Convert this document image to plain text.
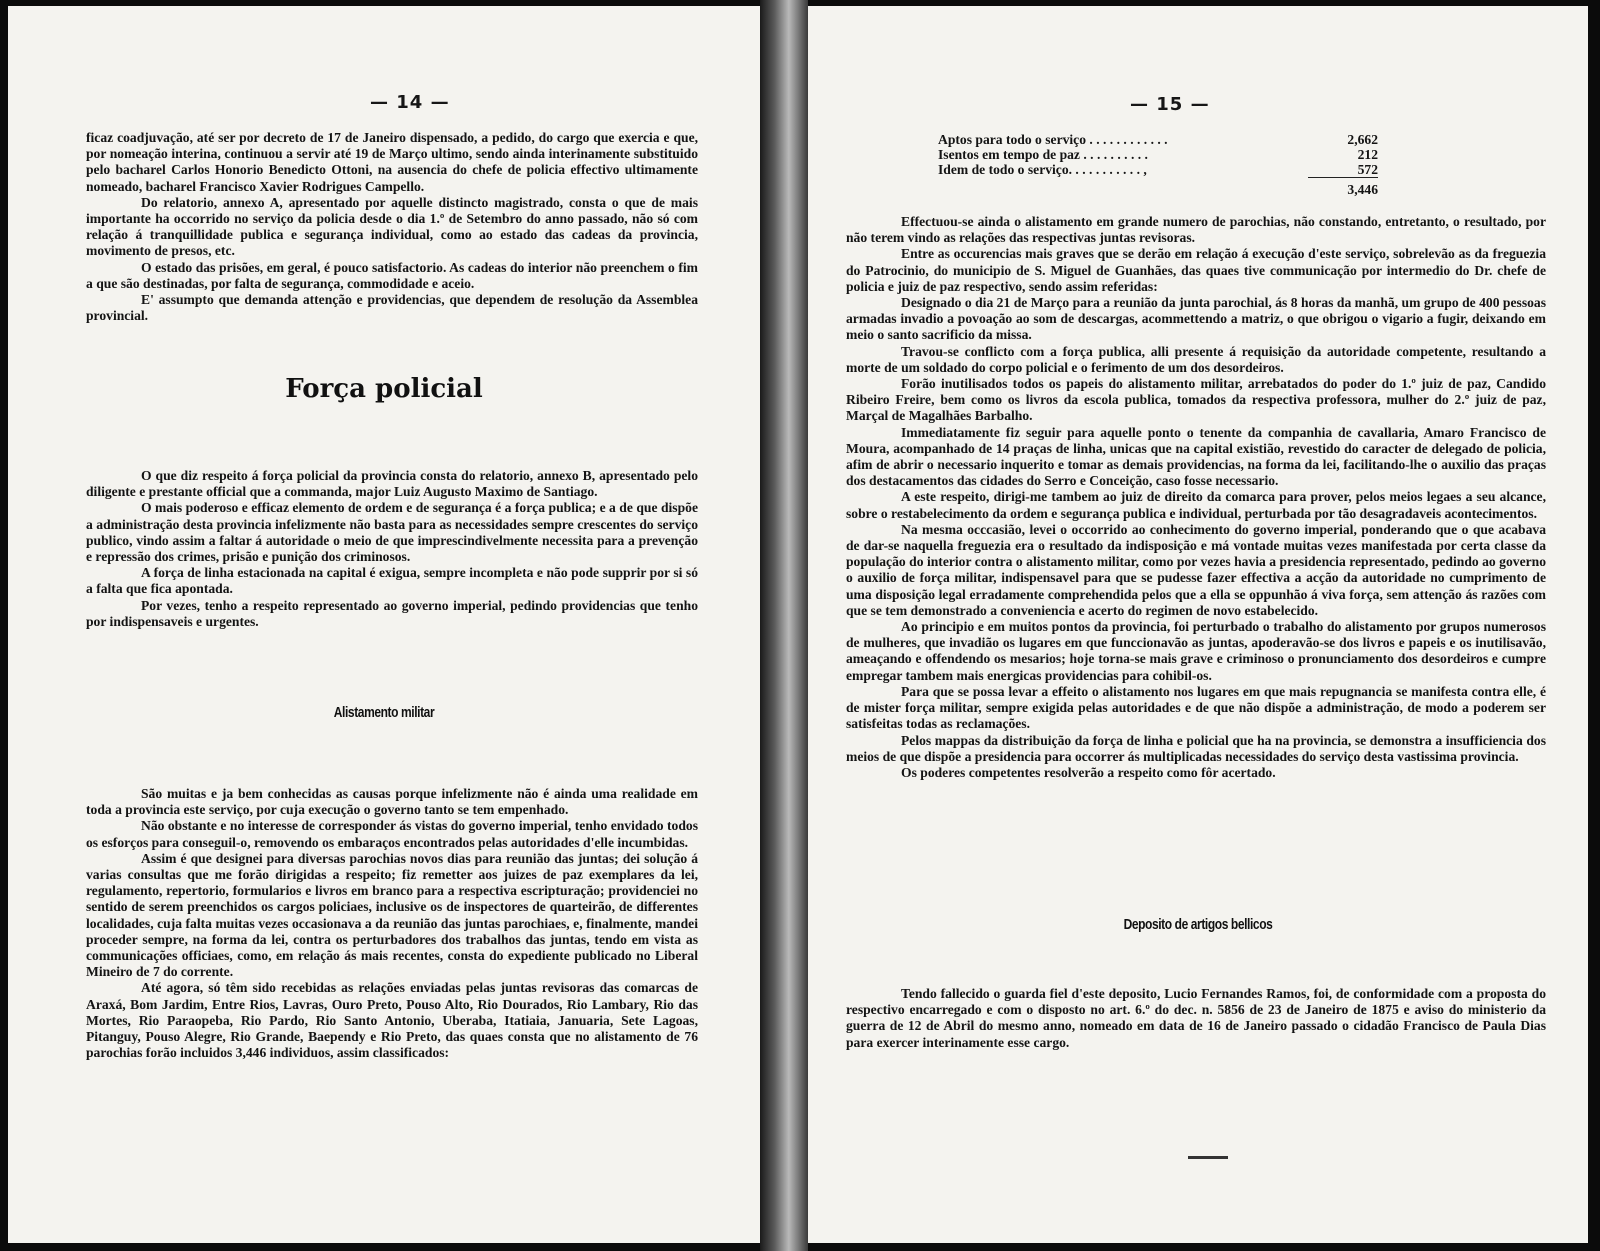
— 14 —

ficaz coadjuvação, até ser por decreto de 17 de Janeiro dispensado, a pedido, do cargo que exercia e que, por nomeação interina, continuou a servir até 19 de Março ultimo, sendo ainda interinamente substituido pelo bacharel Carlos Honorio Benedicto Ottoni, na ausencia do chefe de policia effectivo ultimamente nomeado, bacharel Francisco Xavier Rodrigues Campello.

Do relatorio, annexo A, apresentado por aquelle distincto magistrado, consta o que de mais importante ha occorrido no serviço da policia desde o dia 1.º de Setembro do anno passado, não só com relação á tranquillidade publica e segurança individual, como ao estado das cadeas da provincia, movimento de presos, etc.

O estado das prisões, em geral, é pouco satisfactorio. As cadeas do interior não preenchem o fim a que são destinadas, por falta de segurança, commodidade e aceio.

E' assumpto que demanda attenção e providencias, que dependem de resolução da Assemblea provincial.

Força policial

O que diz respeito á força policial da provincia consta do relatorio, annexo B, apresentado pelo diligente e prestante official que a commanda, major Luiz Augusto Maximo de Santiago.

O mais poderoso e efficaz elemento de ordem e de segurança é a força publica; e a de que dispõe a administração desta provincia infelizmente não basta para as necessidades sempre crescentes do serviço publico, vindo assim a faltar á autoridade o meio de que imprescindivelmente necessita para a prevenção e repressão dos crimes, prisão e punição dos criminosos.

A força de linha estacionada na capital é exigua, sempre incompleta e não pode supprir por si só a falta que fica apontada.

Por vezes, tenho a respeito representado ao governo imperial, pedindo providencias que tenho por indispensaveis e urgentes.

Alistamento militar

São muitas e ja bem conhecidas as causas porque infelizmente não é ainda uma realidade em toda a provincia este serviço, por cuja execução o governo tanto se tem empenhado.

Não obstante e no interesse de corresponder ás vistas do governo imperial, tenho envidado todos os esforços para conseguil-o, removendo os embaraços encontrados pelas autoridades d'elle incumbidas.

Assim é que designei para diversas parochias novos dias para reunião das juntas; dei solução á varias consultas que me forão dirigidas a respeito; fiz remetter aos juizes de paz exemplares da lei, regulamento, repertorio, formularios e livros em branco para a respectiva escripturação; providenciei no sentido de serem preenchidos os cargos policiaes, inclusive os de inspectores de quarteirão, de differentes localidades, cuja falta muitas vezes occasionava a da reunião das juntas parochiaes, e, finalmente, mandei proceder sempre, na forma da lei, contra os perturbadores dos trabalhos das juntas, tendo em vista as communicações officiaes, como, em relação ás mais recentes, consta do expediente publicado no Liberal Mineiro de 7 do corrente.

Até agora, só têm sido recebidas as relações enviadas pelas juntas revisoras das comarcas de Araxá, Bom Jardim, Entre Rios, Lavras, Ouro Preto, Pouso Alto, Rio Dourados, Rio Lambary, Rio das Mortes, Rio Paraopeba, Rio Pardo, Rio Santo Antonio, Uberaba, Itatiaia, Januaria, Sete Lagoas, Pitanguy, Pouso Alegre, Rio Grande, Baependy e Rio Preto, das quaes consta que no alistamento de 76 parochias forão incluidos 3,446 individuos, assim classificados:

— 15 —
Aptos para todo o serviço . . . . . . . . . . . .	2,662
Isentos em tempo de paz . . . . . . . . . .	212
Idem de todo o serviço. . . . . . . . . . . ,	572
	3,446

Effectuou-se ainda o alistamento em grande numero de parochias, não constando, entretanto, o resultado, por não terem vindo as relações das respectivas juntas revisoras.

Entre as occurencias mais graves que se derão em relação á execução d'este serviço, sobrelevão as da freguezia do Patrocinio, do municipio de S. Miguel de Guanhães, das quaes tive communicação por intermedio do Dr. chefe de policia e juiz de paz respectivo, sendo assim referidas:

Designado o dia 21 de Março para a reunião da junta parochial, ás 8 horas da manhã, um grupo de 400 pessoas armadas invadio a povoação ao som de descargas, acommettendo a matriz, o que obrigou o vigario a fugir, deixando em meio o santo sacrificio da missa.

Travou-se conflicto com a força publica, alli presente á requisição da autoridade competente, resultando a morte de um soldado do corpo policial e o ferimento de um dos desordeiros.

Forão inutilisados todos os papeis do alistamento militar, arrebatados do poder do 1.º juiz de paz, Candido Ribeiro Freire, bem como os livros da escola publica, tomados da respectiva professora, mulher do 2.º juiz de paz, Marçal de Magalhães Barbalho.

Immediatamente fiz seguir para aquelle ponto o tenente da companhia de cavallaria, Amaro Francisco de Moura, acompanhado de 14 praças de linha, unicas que na capital existião, revestido do caracter de delegado de policia, afim de abrir o necessario inquerito e tomar as demais providencias, na forma da lei, facilitando-lhe o auxilio das praças dos destacamentos das cidades do Serro e Conceição, caso fosse necessario.

A este respeito, dirigi-me tambem ao juiz de direito da comarca para prover, pelos meios legaes a seu alcance, sobre o restabelecimento da ordem e segurança publica e individual, perturbada por tão desagradaveis acontecimentos.

Na mesma occcasião, levei o occorrido ao conhecimento do governo imperial, ponderando que o que acabava de dar-se naquella freguezia era o resultado da indisposição e má vontade muitas vezes manifestada por certa classe da população do interior contra o alistamento militar, como por vezes havia a presidencia representado, pedindo ao governo o auxilio de força militar, indispensavel para que se pudesse fazer effectiva a acção da autoridade no cumprimento de uma disposição legal erradamente comprehendida pelos que a ella se oppunhão á viva força, sem attenção ás razões com que se tem demonstrado a conveniencia e acerto do regimen de novo estabelecido.

Ao principio e em muitos pontos da provincia, foi perturbado o trabalho do alistamento por grupos numerosos de mulheres, que invadião os lugares em que funccionavão as juntas, apoderavão-se dos livros e papeis e os inutilisavão, ameaçando e offendendo os mesarios; hoje torna-se mais grave e criminoso o pronunciamento dos desordeiros e cumpre empregar tambem mais energicas providencias para cohibil-os.

Para que se possa levar a effeito o alistamento nos lugares em que mais repugnancia se manifesta contra elle, é de mister força militar, sempre exigida pelas autoridades e de que não dispõe a administração, de modo a poderem ser satisfeitas todas as reclamações.

Pelos mappas da distribuição da força de linha e policial que ha na provincia, se demonstra a insufficiencia dos meios de que dispõe a presidencia para occorrer ás multiplicadas necessidades do serviço desta vastissima provincia.

Os poderes competentes resolverão a respeito como fôr acertado.

Deposito de artigos bellicos

Tendo fallecido o guarda fiel d'este deposito, Lucio Fernandes Ramos, foi, de conformidade com a proposta do respectivo encarregado e com o disposto no art. 6.º do dec. n. 5856 de 23 de Janeiro de 1875 e aviso do ministerio da guerra de 12 de Abril do mesmo anno, nomeado em data de 16 de Janeiro passado o cidadão Francisco de Paula Dias para exercer interinamente esse cargo.
